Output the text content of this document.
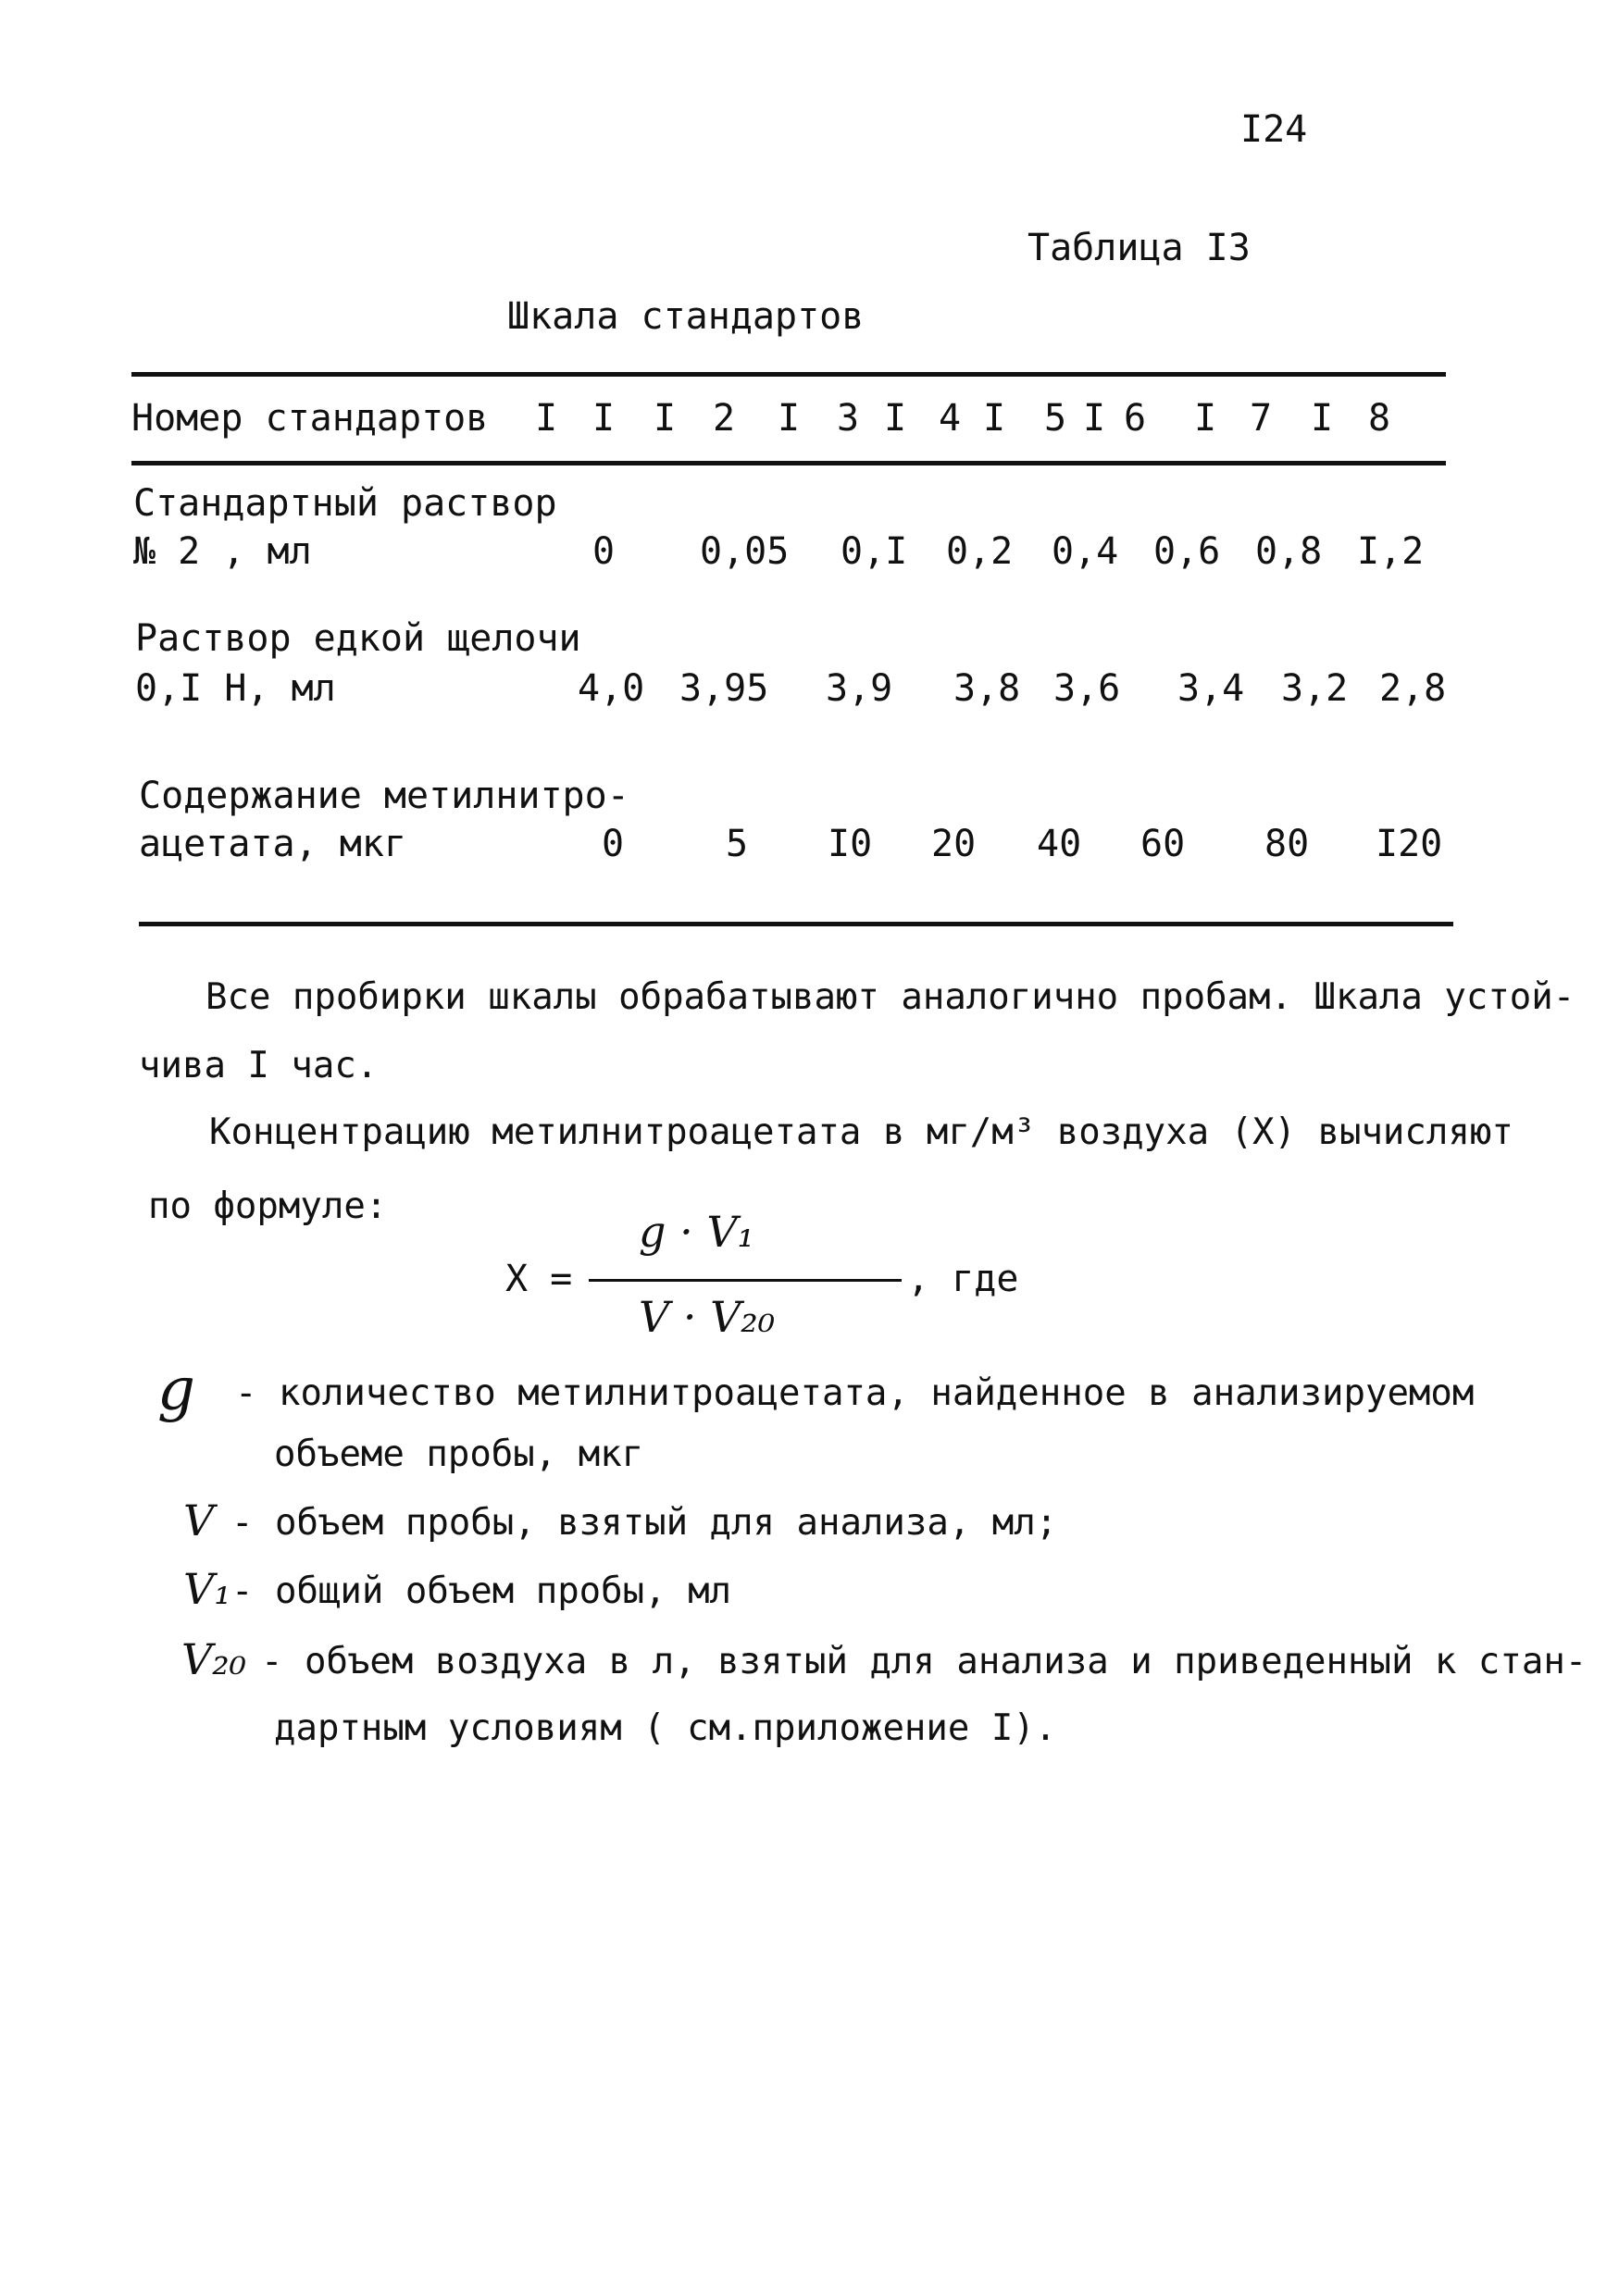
I24
Таблица I3
Шкала стандартов
Номер стандартов I I I 2 I 3 I 4 I 5 I 6 I 7 I 8
Стандартный раствор
№ 2 , мл	0 0,05 0,I 0,2 0,4 0,6 0,8 I,2
Раствор едкой щелочи
0,I Н, мл	4,0 3,95 3,9 3,8 3,6 3,4 3,2 2,8
Содержание метилнитро-
ацетата, мкг	0	5 I0 20 40 60 80 I20
Все пробирки шкалы обрабатывают аналогично пробам. Шкала устой-
чива I час.
Концентрацию метилнитроацетата в мг/м³ воздуха (Х) вычисляют
по формуле:
Х =
g · V₁
V · V₂₀
, где
g - количество метилнитроацетата, найденное в анализируемом
объеме пробы, мкг
V - объем пробы, взятый для анализа, мл;
V₁ - общий объем пробы, мл
V₂₀ - объем воздуха в л, взятый для анализа и приведенный к стан-
дартным условиям ( см.приложение I).
